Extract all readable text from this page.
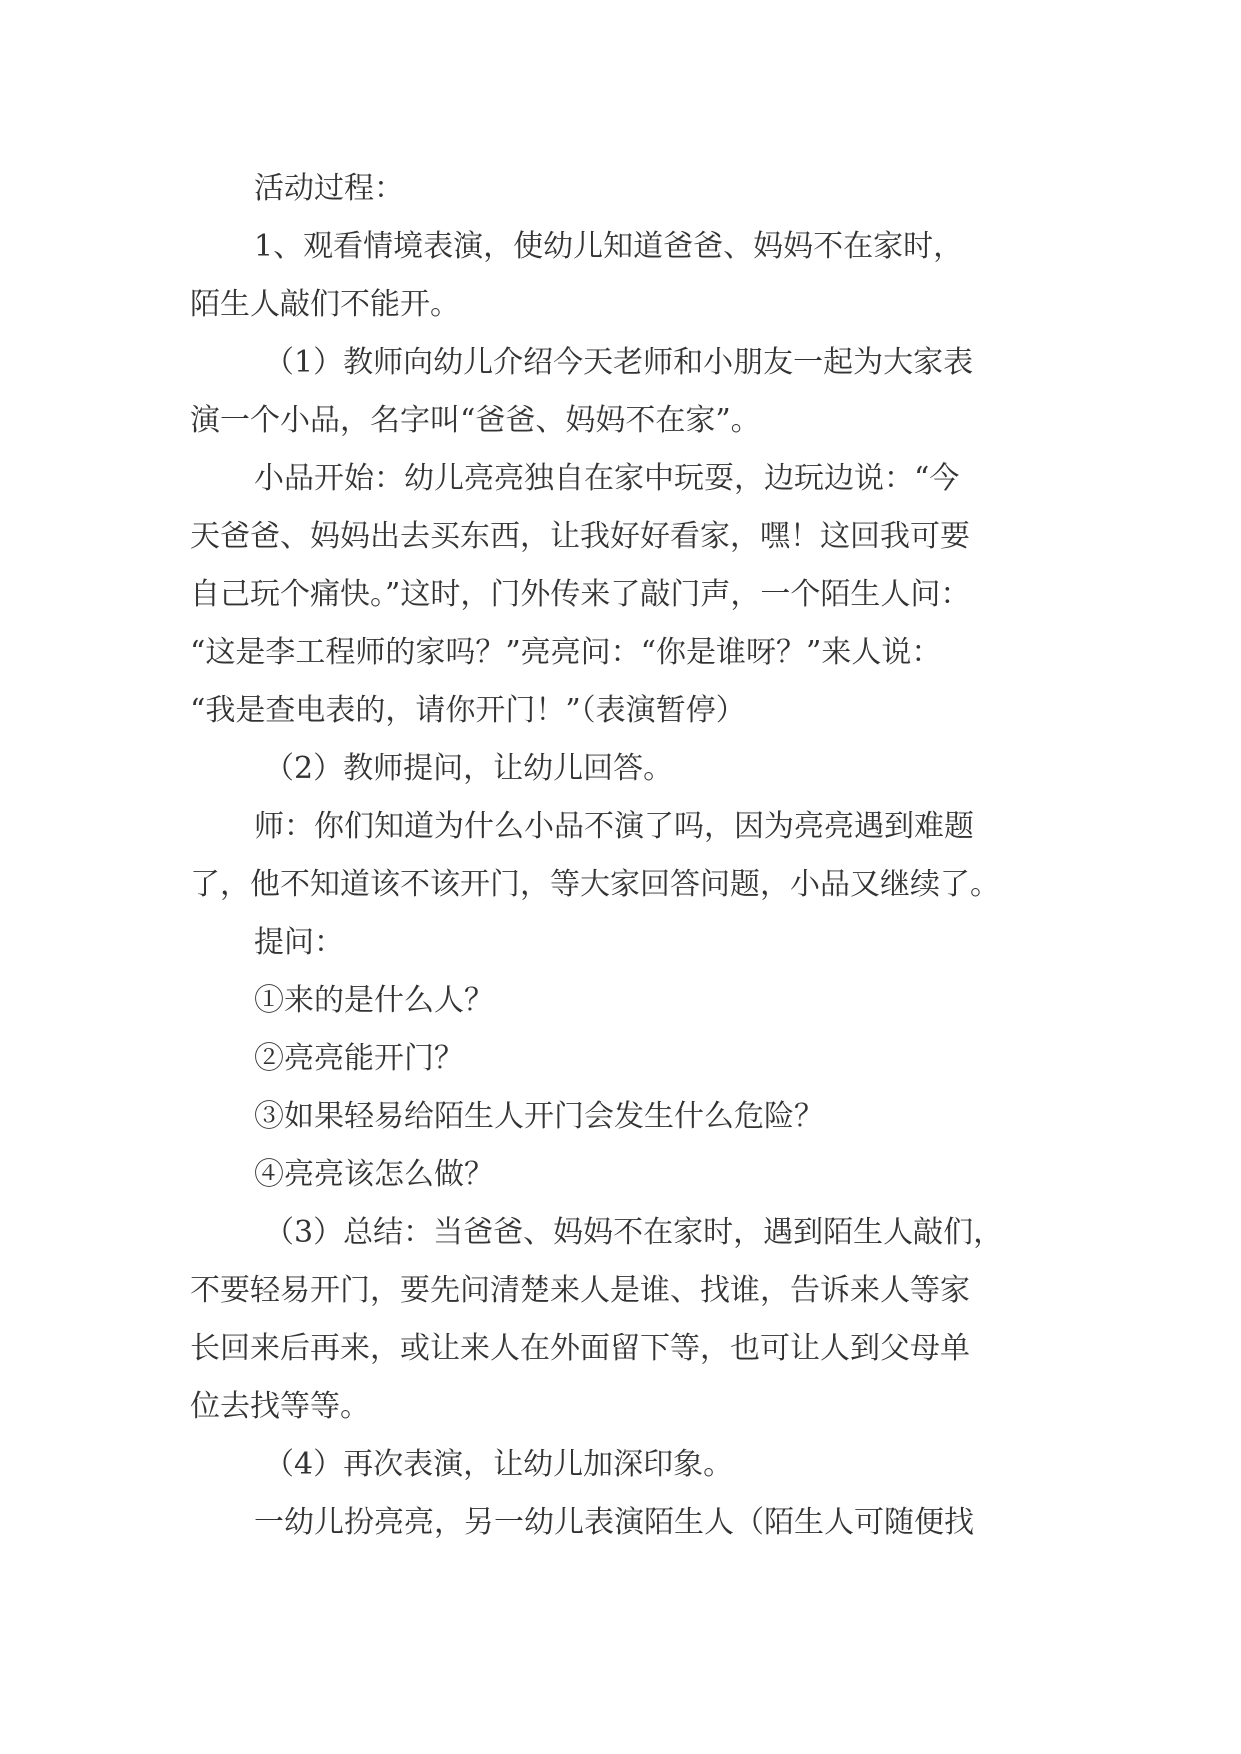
活动过程：

1、观看情境表演，使幼儿知道爸爸、妈妈不在家时，

陌生人敲们不能开。

（1）教师向幼儿介绍今天老师和小朋友一起为大家表

演一个小品，名字叫“爸爸、妈妈不在家”。

小品开始：幼儿亮亮独自在家中玩耍，边玩边说：“今

天爸爸、妈妈出去买东西，让我好好看家，嘿！这回我可要

自己玩个痛快。”这时，门外传来了敲门声，一个陌生人问：

“这是李工程师的家吗？”亮亮问：“你是谁呀？”来人说：

“我是查电表的，请你开门！”（表演暂停）

（2）教师提问，让幼儿回答。

师：你们知道为什么小品不演了吗，因为亮亮遇到难题

了，他不知道该不该开门，等大家回答问题，小品又继续了。

提问：

①来的是什么人？

②亮亮能开门？

③如果轻易给陌生人开门会发生什么危险？

④亮亮该怎么做？

（3）总结：当爸爸、妈妈不在家时，遇到陌生人敲们，

不要轻易开门，要先问清楚来人是谁、找谁，告诉来人等家

长回来后再来，或让来人在外面留下等，也可让人到父母单

位去找等等。

（4）再次表演，让幼儿加深印象。

一幼儿扮亮亮，另一幼儿表演陌生人（陌生人可随便找
